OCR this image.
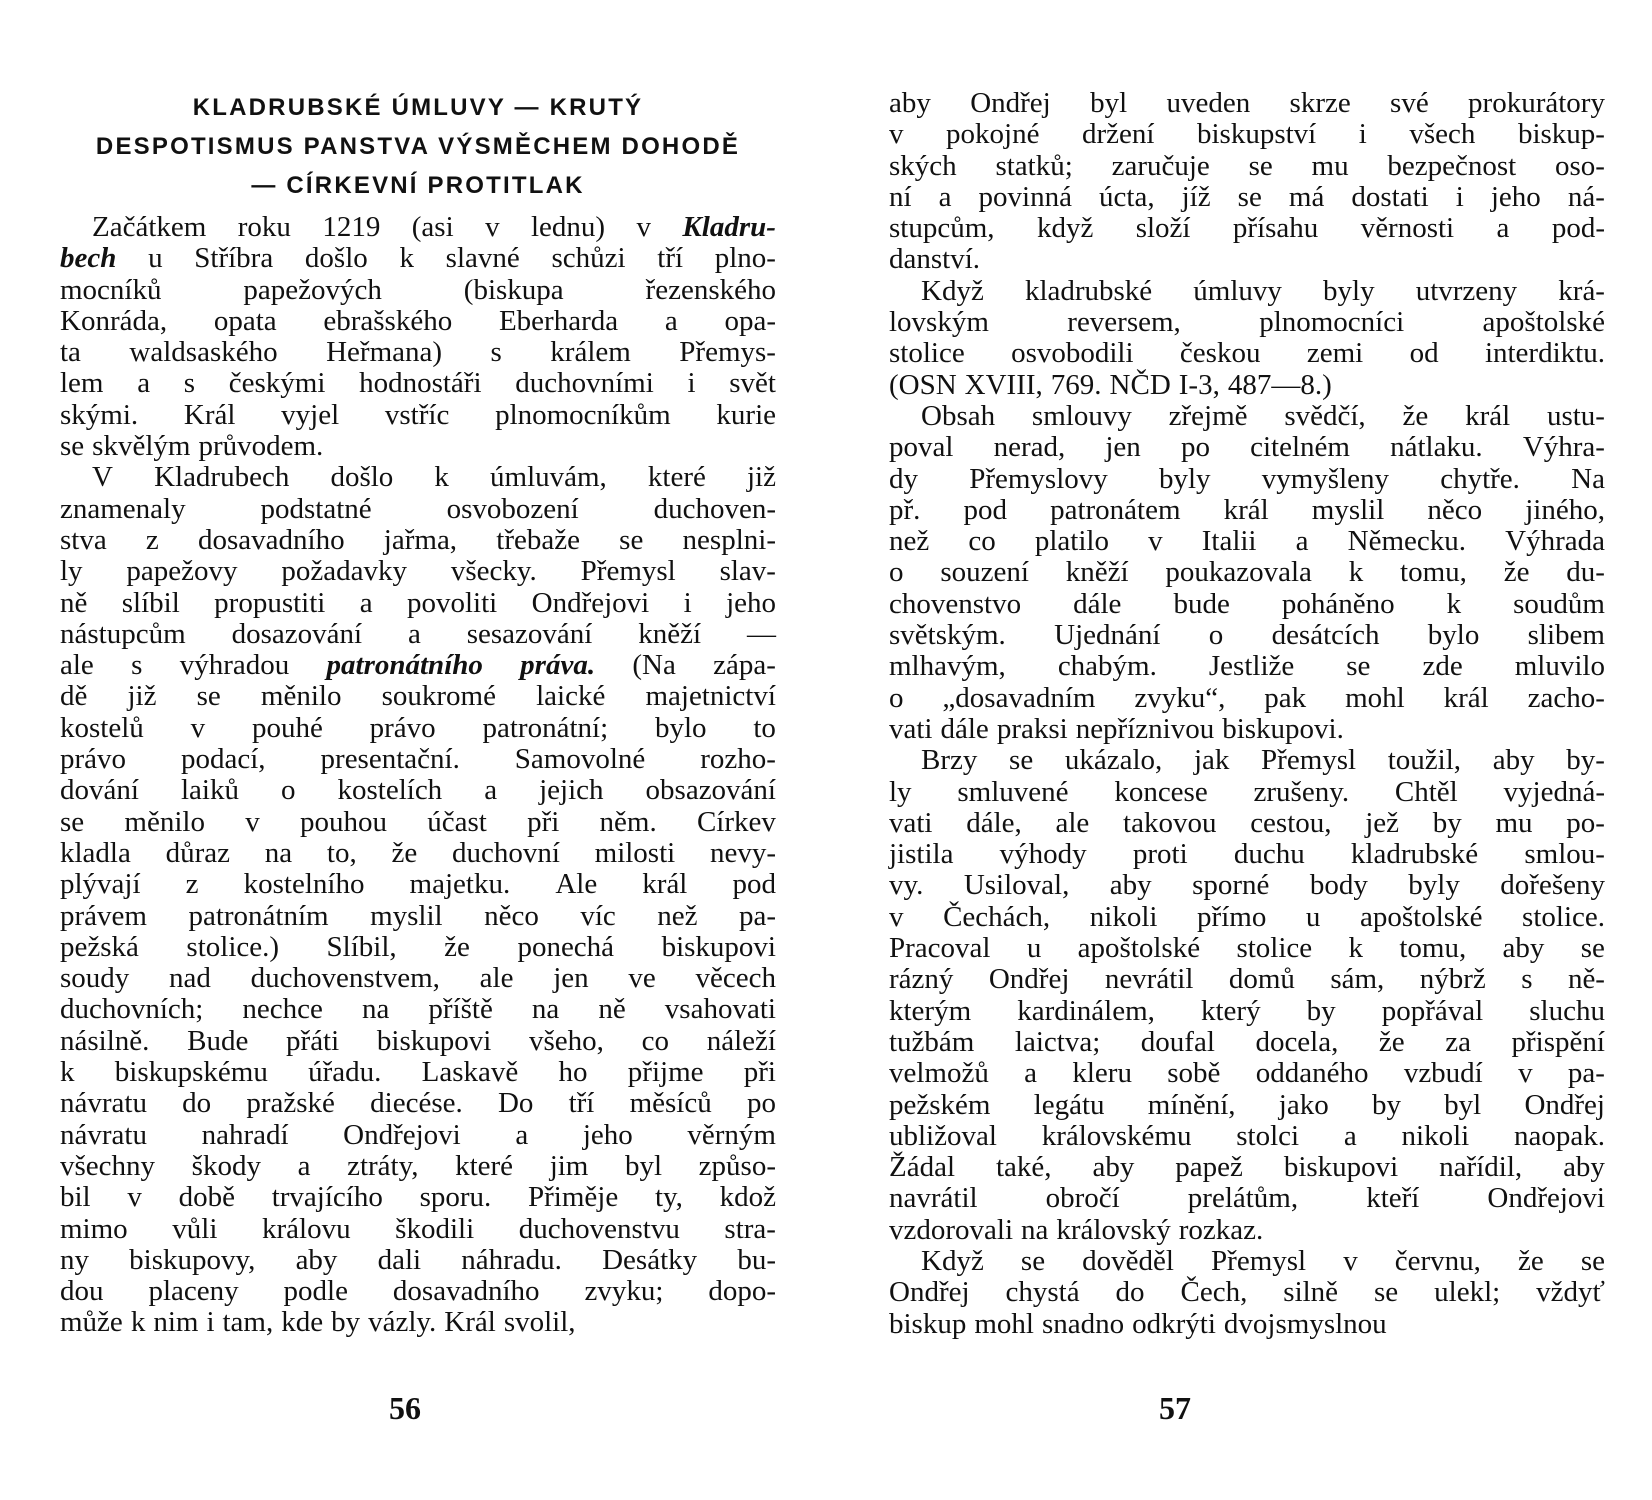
KLADRUBSKÉ ÚMLUVY — KRUTÝ
DESPOTISMUS PANSTVA VÝSMĚCHEM DOHODĚ
— CÍRKEVNÍ PROTITLAK
Začátkem roku 1219 (asi v lednu) v Kladru-
bech u Stříbra došlo k slavné schůzi tří plno-
mocníků	papežových	(biskupa	řezenského
Konráda, opata ebrašského Eberharda a opa-
ta waldsaského Heřmana) s králem Přemys-
lem a s českými hodnostáři duchovními i svět
skými. Král vyjel vstříc plnomocníkům kurie
se skvělým průvodem.
V Kladrubech došlo k úmluvám, které již
znamenaly	podstatné	osvobození	duchoven-
stva z dosavadního jařma, třebaže se nesplni-
ly papežovy požadavky všecky. Přemysl slav-
ně slíbil propustiti a povoliti Ondřejovi i jeho
nástupcům dosazování a sesazování kněží —
ale s výhradou patronátního práva. (Na zápa-
dě již se měnilo soukromé laické majetnictví
kostelů v pouhé právo patronátní; bylo to
právo podací, presentační. Samovolné rozho-
dování laiků o kostelích a jejich obsazování
se měnilo v pouhou účast při něm. Církev
kladla důraz na to, že duchovní milosti nevy-
plývají z kostelního majetku. Ale král pod
právem patronátním myslil něco víc než pa-
pežská stolice.) Slíbil, že ponechá biskupovi
soudy nad duchovenstvem, ale jen ve věcech
duchovních; nechce na příště na ně vsahovati
násilně. Bude přáti biskupovi všeho, co náleží
k biskupskému úřadu. Laskavě ho přijme při
návratu do pražské diecése. Do tří měsíců po
návratu nahradí Ondřejovi a jeho věrným
všechny škody a ztráty, které jim byl způso-
bil v době trvajícího sporu. Přiměje ty, kdož
mimo vůli královu škodili duchovenstvu stra-
ny biskupovy, aby dali náhradu. Desátky bu-
dou placeny podle dosavadního zvyku; dopo-
může k nim i tam, kde by vázly. Král svolil,
56
aby Ondřej byl uveden skrze své prokurátory
v pokojné držení biskupství i všech biskup-
ských statků; zaručuje se mu bezpečnost oso-
ní a povinná úcta, jíž se má dostati i jeho ná-
stupcům, když složí přísahu věrnosti a pod-
danství.
Když kladrubské úmluvy byly utvrzeny krá-
lovským	reversem,	plnomocníci	apoštolské
stolice osvobodili českou zemi od interdiktu.
(OSN XVIII, 769. NČD I-3, 487—8.)
Obsah smlouvy zřejmě svědčí, že král ustu-
poval nerad, jen po citelném nátlaku. Výhra-
dy Přemyslovy byly vymyšleny chytře. Na
př. pod patronátem král myslil něco jiného,
než co platilo v Italii a Německu. Výhrada
o souzení kněží poukazovala k tomu, že du-
chovenstvo dále bude poháněno k soudům
světským. Ujednání o desátcích bylo slibem
mlhavým, chabým. Jestliže se zde mluvilo
o „dosavadním zvyku“, pak mohl král zacho-
vati dále praksi nepříznivou biskupovi.
Brzy se ukázalo, jak Přemysl toužil, aby by-
ly smluvené koncese zrušeny. Chtěl vyjedná-
vati dále, ale takovou cestou, jež by mu po-
jistila výhody proti duchu kladrubské smlou-
vy. Usiloval, aby sporné body byly dořešeny
v Čechách, nikoli přímo u apoštolské stolice.
Pracoval u apoštolské stolice k tomu, aby se
rázný Ondřej nevrátil domů sám, nýbrž s ně-
kterým kardinálem, který by popřával sluchu
tužbám laictva; doufal docela, že za přispění
velmožů a kleru sobě oddaného vzbudí v pa-
pežském legátu mínění, jako by byl Ondřej
ubližoval královskému stolci a nikoli naopak.
Žádal také, aby papež biskupovi nařídil, aby
navrátil obročí prelátům, kteří Ondřejovi
vzdorovali na královský rozkaz.
Když se dověděl Přemysl v červnu, že se
Ondřej chystá do Čech, silně se ulekl; vždyť
biskup mohl snadno odkrýti dvojsmyslnou
57
